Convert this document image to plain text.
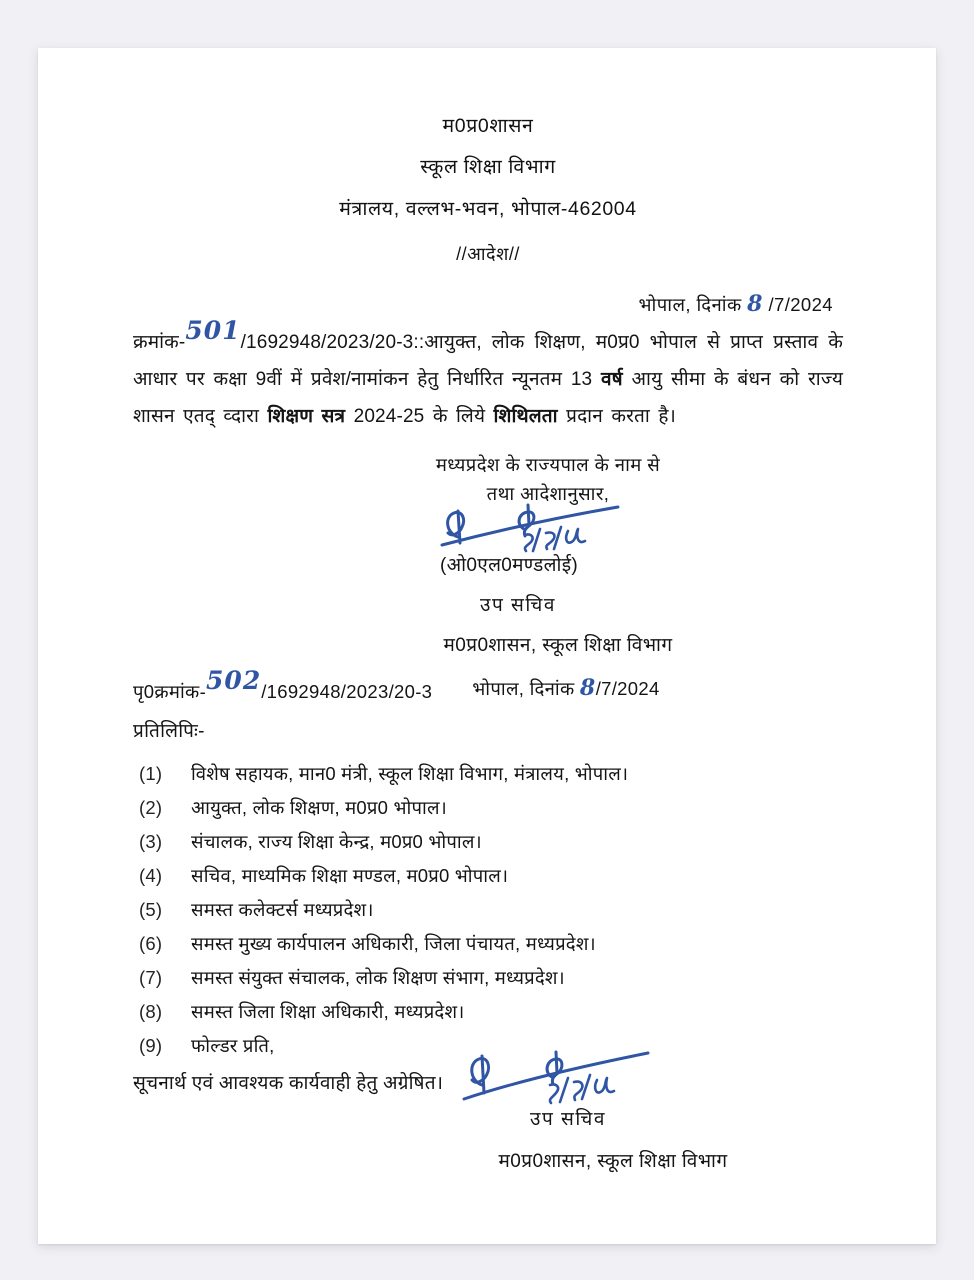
म0प्र0शासन
स्कूल शिक्षा विभाग
मंत्रालय, वल्लभ-भवन, भोपाल-462004
//आदेश//
भोपाल, दिनांक 8 /7/2024
क्रमांक-501/1692948/2023/20-3::आयुक्त, लोक शिक्षण, म0प्र0 भोपाल से प्राप्त प्रस्ताव के आधार पर कक्षा 9वीं में प्रवेश/नामांकन हेतु निर्धारित न्यूनतम 13 वर्ष आयु सीमा के बंधन को राज्य शासन एतद् व्दारा शिक्षण सत्र 2024-25 के लिये शिथिलता प्रदान करता है।
मध्यप्रदेश के राज्यपाल के नाम से
तथा आदेशानुसार,
(ओ0एल0मण्डलोई)
उप सचिव
म0प्र0शासन, स्कूल शिक्षा विभाग
पृ0क्रमांक-502/1692948/2023/20-3 भोपाल, दिनांक 8/7/2024
प्रतिलिपिः-
(1)	विशेष सहायक, मान0 मंत्री, स्कूल शिक्षा विभाग, मंत्रालय, भोपाल।
(2)	आयुक्त, लोक शिक्षण, म0प्र0 भोपाल।
(3)	संचालक, राज्य शिक्षा केन्द्र, म0प्र0 भोपाल।
(4)	सचिव, माध्यमिक शिक्षा मण्डल, म0प्र0 भोपाल।
(5)	समस्त कलेक्टर्स मध्यप्रदेश।
(6)	समस्त मुख्य कार्यपालन अधिकारी, जिला पंचायत, मध्यप्रदेश।
(7)	समस्त संयुक्त संचालक, लोक शिक्षण संभाग, मध्यप्रदेश।
(8)	समस्त जिला शिक्षा अधिकारी, मध्यप्रदेश।
(9)	फोल्डर प्रति,
सूचनार्थ एवं आवश्यक कार्यवाही हेतु अग्रेषित।
उप सचिव
म0प्र0शासन, स्कूल शिक्षा विभाग
